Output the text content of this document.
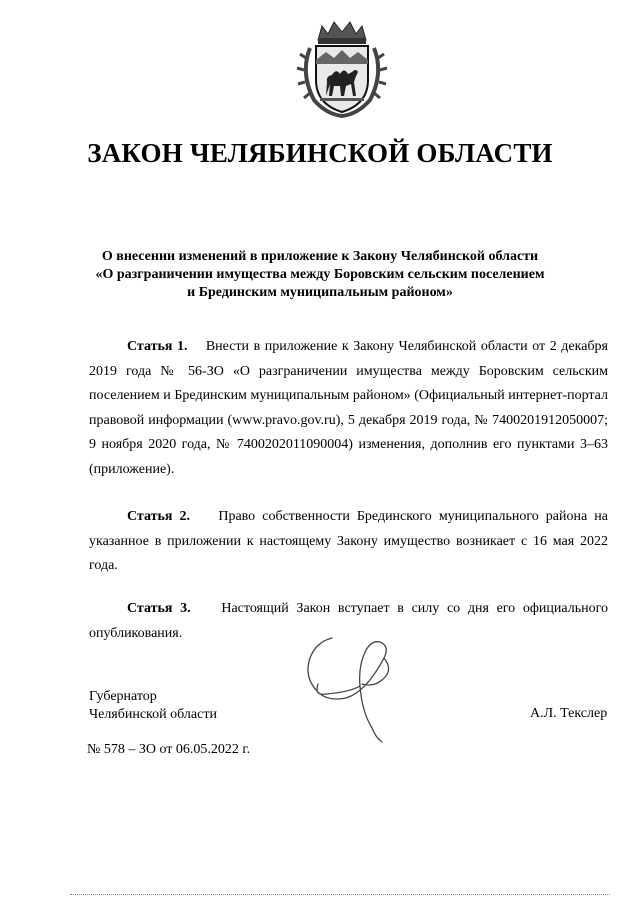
ЗАКОН ЧЕЛЯБИНСКОЙ ОБЛАСТИ
О внесении изменений в приложение к Закону Челябинской области
«О разграничении имущества между Боровским сельским поселением
и Брединским муниципальным районом»
Статья 1. Внести в приложение к Закону Челябинской области от 2 декабря 2019 года № 56-ЗО «О разграничении имущества между Боровским сельским поселением и Брединским муниципальным районом» (Официальный интернет-портал правовой информации (www.pravo.gov.ru), 5 декабря 2019 года, № 7400201912050007; 9 ноября 2020 года, № 7400202011090004) изменения, дополнив его пунктами 3–63 (приложение).
Статья 2. Право собственности Брединского муниципального района на указанное в приложении к настоящему Закону имущество возникает с 16 мая 2022 года.
Статья 3. Настоящий Закон вступает в силу со дня его официального опубликования.
Губернатор
Челябинской области	А.Л. Текслер
№ 578 – ЗО от 06.05.2022 г.
